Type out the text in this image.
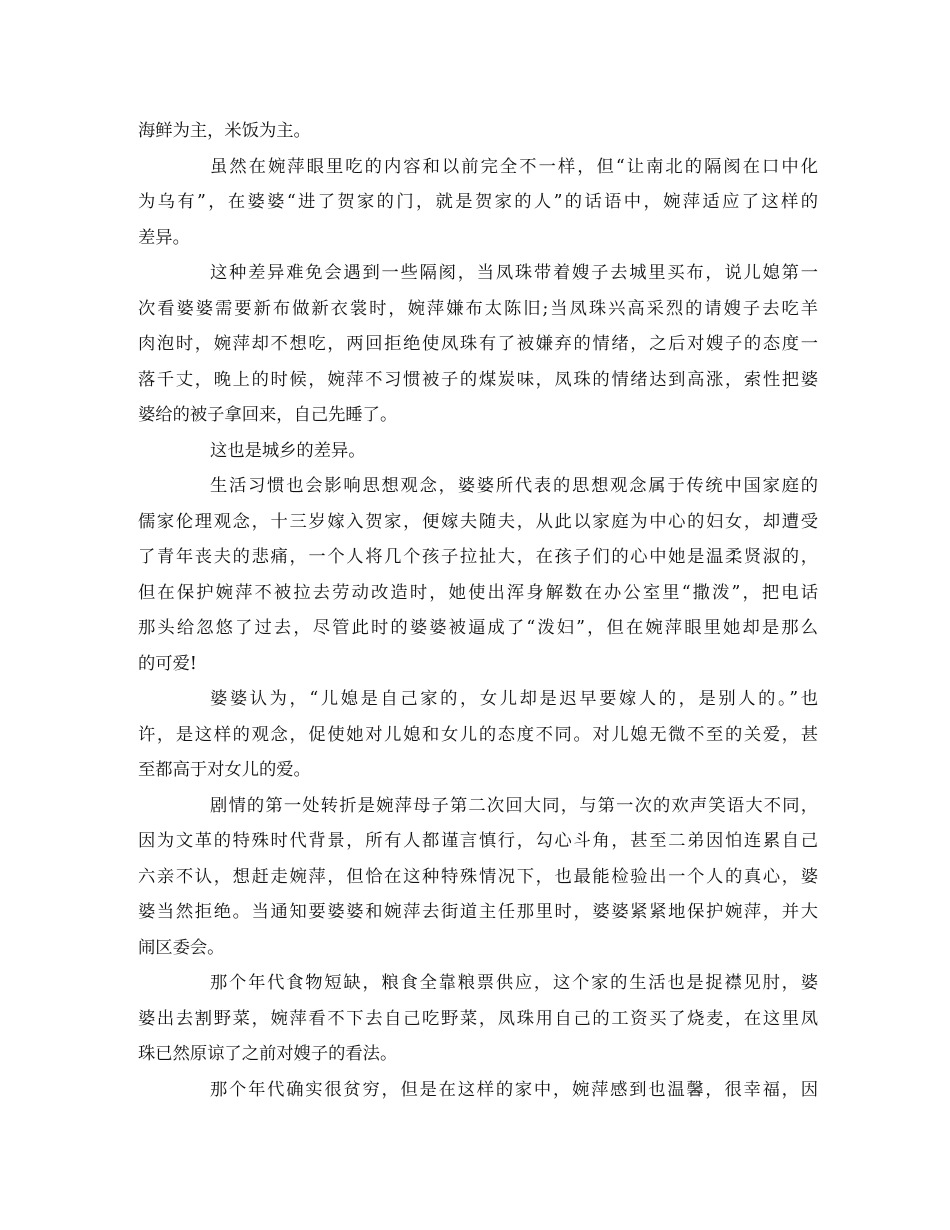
海鲜为主，米饭为主。
虽然在婉萍眼里吃的内容和以前完全不一样，但“让南北的隔阂在口中化
为乌有”，在婆婆“进了贺家的门，就是贺家的人”的话语中，婉萍适应了这样的
差异。
这种差异难免会遇到一些隔阂，当凤珠带着嫂子去城里买布，说儿媳第一
次看婆婆需要新布做新衣裳时，婉萍嫌布太陈旧;当凤珠兴高采烈的请嫂子去吃羊
肉泡时，婉萍却不想吃，两回拒绝使凤珠有了被嫌弃的情绪，之后对嫂子的态度一
落千丈，晚上的时候，婉萍不习惯被子的煤炭味，凤珠的情绪达到高涨，索性把婆
婆给的被子拿回来，自己先睡了。
这也是城乡的差异。
生活习惯也会影响思想观念，婆婆所代表的思想观念属于传统中国家庭的
儒家伦理观念，十三岁嫁入贺家，便嫁夫随夫，从此以家庭为中心的妇女，却遭受
了青年丧夫的悲痛，一个人将几个孩子拉扯大，在孩子们的心中她是温柔贤淑的，
但在保护婉萍不被拉去劳动改造时，她使出浑身解数在办公室里“撒泼”，把电话
那头给忽悠了过去，尽管此时的婆婆被逼成了“泼妇”，但在婉萍眼里她却是那么
的可爱!
婆婆认为，“儿媳是自己家的，女儿却是迟早要嫁人的，是别人的。”也
许，是这样的观念，促使她对儿媳和女儿的态度不同。对儿媳无微不至的关爱，甚
至都高于对女儿的爱。
剧情的第一处转折是婉萍母子第二次回大同，与第一次的欢声笑语大不同，
因为文革的特殊时代背景，所有人都谨言慎行，勾心斗角，甚至二弟因怕连累自己
六亲不认，想赶走婉萍，但恰在这种特殊情况下，也最能检验出一个人的真心，婆
婆当然拒绝。当通知要婆婆和婉萍去街道主任那里时，婆婆紧紧地保护婉萍，并大
闹区委会。
那个年代食物短缺，粮食全靠粮票供应，这个家的生活也是捉襟见肘，婆
婆出去割野菜，婉萍看不下去自己吃野菜，凤珠用自己的工资买了烧麦，在这里凤
珠已然原谅了之前对嫂子的看法。
那个年代确实很贫穷，但是在这样的家中，婉萍感到也温馨，很幸福，因
